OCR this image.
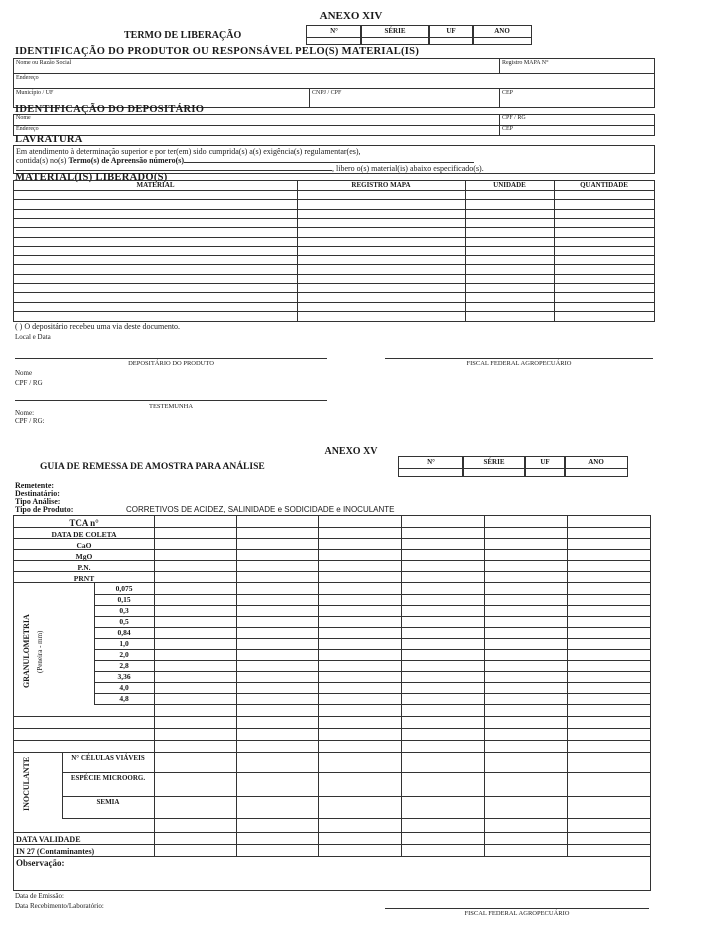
ANEXO XIV
TERMO DE LIBERAÇÃO	N°	SÉRIE	UF	ANO
IDENTIFICAÇÃO DO PRODUTOR OU RESPONSÁVEL PELO(S) MATERIAL(IS)
Nome ou Razão Social	Registro MAPA N°
Endereço
Município / UF	CNPJ / CPF	CEP
IDENTIFICAÇÃO DO DEPOSITÁRIO
Nome	CPF / RG
Endereço	CEP
LAVRATURA
Em atendimento à determinação superior e por ter(em) sido cumprida(s) a(s) exigência(s) regulamentar(es),
contida(s) no(s) Termo(s) de Apreensão número(s)
, libero o(s) material(is) abaixo especificado(s).
MATERIAL(IS) LIBERADO(S)
MATERIAL	REGISTRO MAPA	UNIDADE	QUANTIDADE
( ) O depositário recebeu uma via deste documento.
Local e Data
DEPOSITÁRIO DO PRODUTO	FISCAL FEDERAL AGROPECUÁRIO
Nome
CPF / RG
TESTEMUNHA
Nome:
CPF / RG:
ANEXO XV
GUIA DE REMESSA DE AMOSTRA PARA ANÁLISE	N°	SÉRIE	UF	ANO
Remetente:
Destinatário:
Tipo Análise:
Tipo de Produto:	CORRETIVOS DE ACIDEZ, SALINIDADE e SODICIDADE e INOCULANTE
TCA n°
DATA DE COLETA
CaO
MgO
P.N.
PRNT
GRANULOMETRIA (Peneira - mm)
0,075
0,15
0,3
0,5
0,84
1,0
2,0
2,8
3,36
4,0
4,8
INOCULANTE	N° CÉLULAS VIÁVEIS
ESPÉCIE MICROORG.
SEMIA
DATA VALIDADE
IN 27 (Contaminantes)
Observação:
Data de Emissão:
Data Recebimento/Laboratório:
FISCAL FEDERAL AGROPECUÁRIO
